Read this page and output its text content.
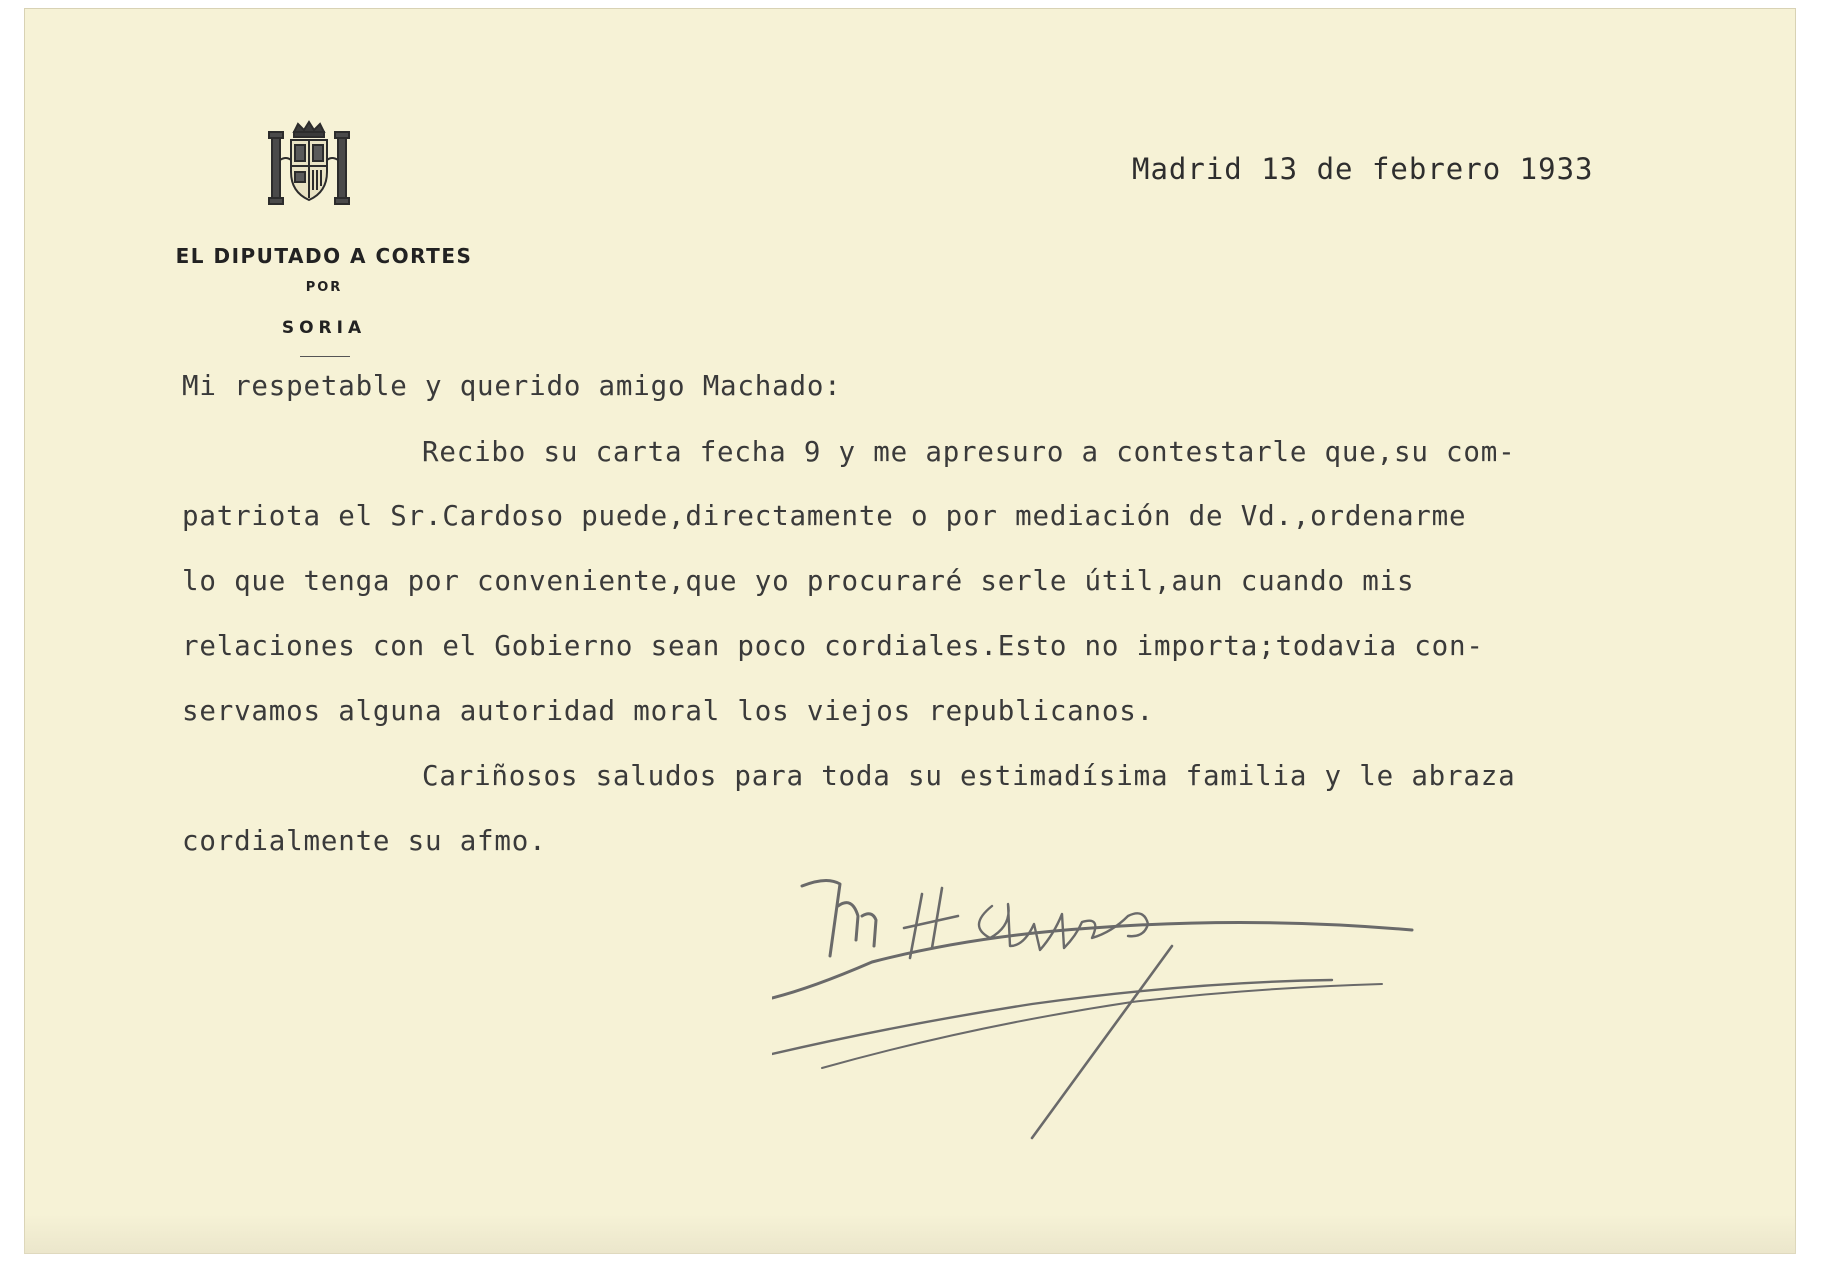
EL DIPUTADO A CORTES
POR
SORIA
Madrid 13 de febrero 1933
Mi respetable y querido amigo Machado:
Recibo su carta fecha 9 y me apresuro a contestarle que,su com-
patriota el Sr.Cardoso puede,directamente o por mediación de Vd.,ordenarme
lo que tenga por conveniente,que yo procuraré serle útil,aun cuando mis
relaciones con el Gobierno sean poco cordiales.Esto no importa;todavia con-
servamos alguna autoridad moral los viejos republicanos.
Cariñosos saludos para toda su estimadísima familia y le abraza
cordialmente su afmo.
